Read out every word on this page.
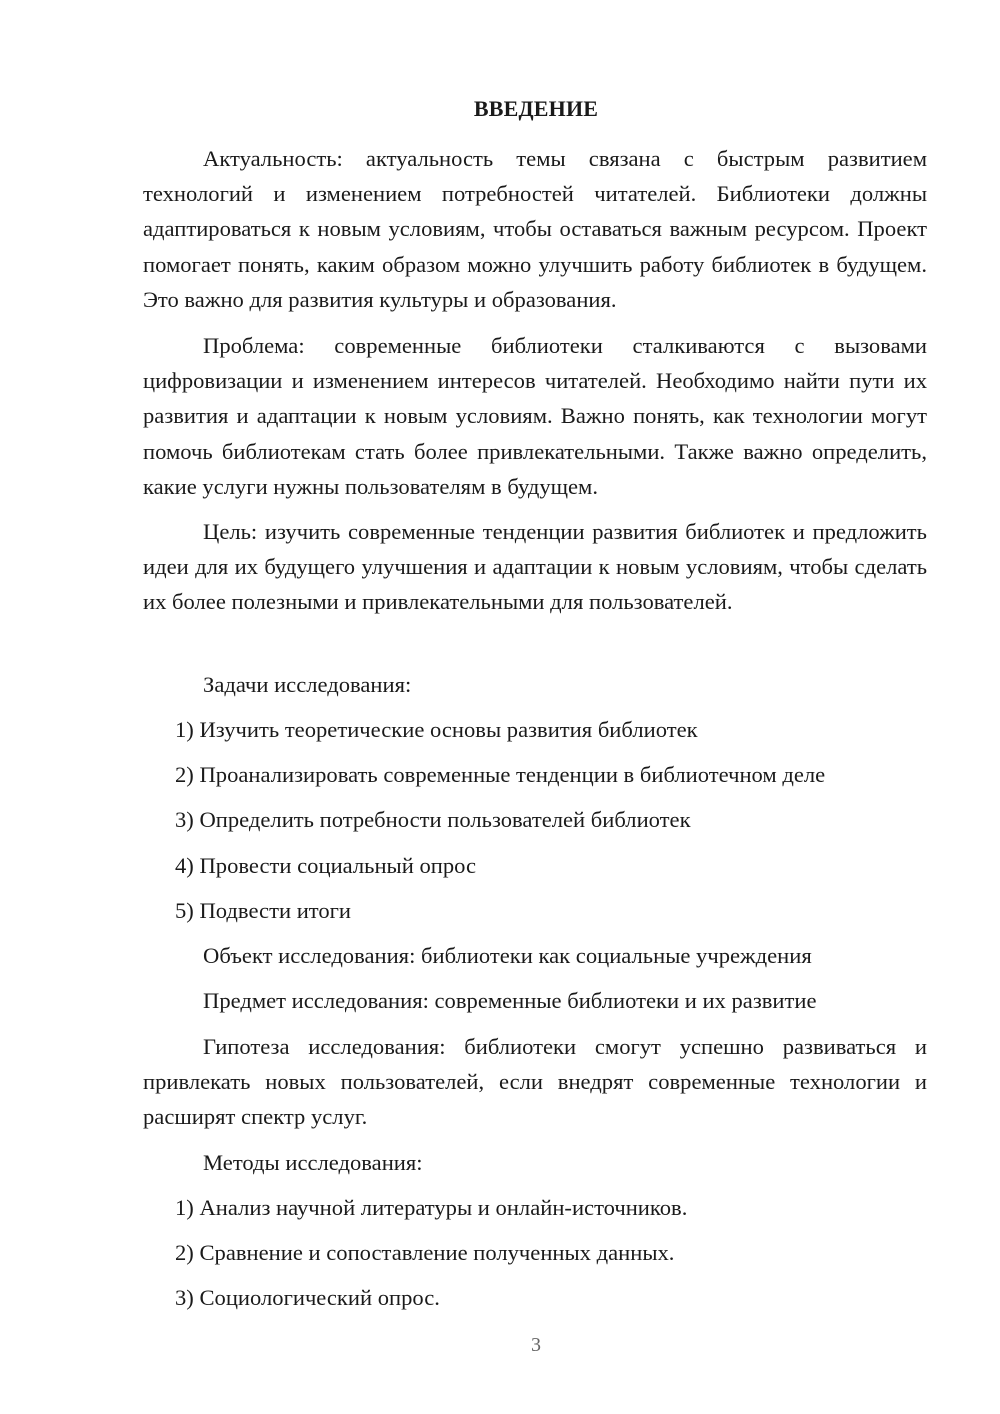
ВВЕДЕНИЕ

Актуальность: актуальность темы связана с быстрым развитием технологий и изменением потребностей читателей. Библиотеки должны адаптироваться к новым условиям, чтобы оставаться важным ресурсом. Проект помогает понять, каким образом можно улучшить работу библиотек в будущем. Это важно для развития культуры и образования.

Проблема: современные библиотеки сталкиваются с вызовами цифровизации и изменением интересов читателей. Необходимо найти пути их развития и адаптации к новым условиям. Важно понять, как технологии могут помочь библиотекам стать более привлекательными. Также важно определить, какие услуги нужны пользователям в будущем.

Цель: изучить современные тенденции развития библиотек и предложить идеи для их будущего улучшения и адаптации к новым условиям, чтобы сделать их более полезными и привлекательными для пользователей.

Задачи исследования:

1) Изучить теоретические основы развития библиотек

2) Проанализировать современные тенденции в библиотечном деле

3) Определить потребности пользователей библиотек

4) Провести социальный опрос

5) Подвести итоги

Объект исследования: библиотеки как социальные учреждения

Предмет исследования: современные библиотеки и их развитие

Гипотеза исследования: библиотеки смогут успешно развиваться и привлекать новых пользователей, если внедрят современные технологии и расширят спектр услуг.

Методы исследования:

1) Анализ научной литературы и онлайн-источников.

2) Сравнение и сопоставление полученных данных.

3) Социологический опрос.

3
